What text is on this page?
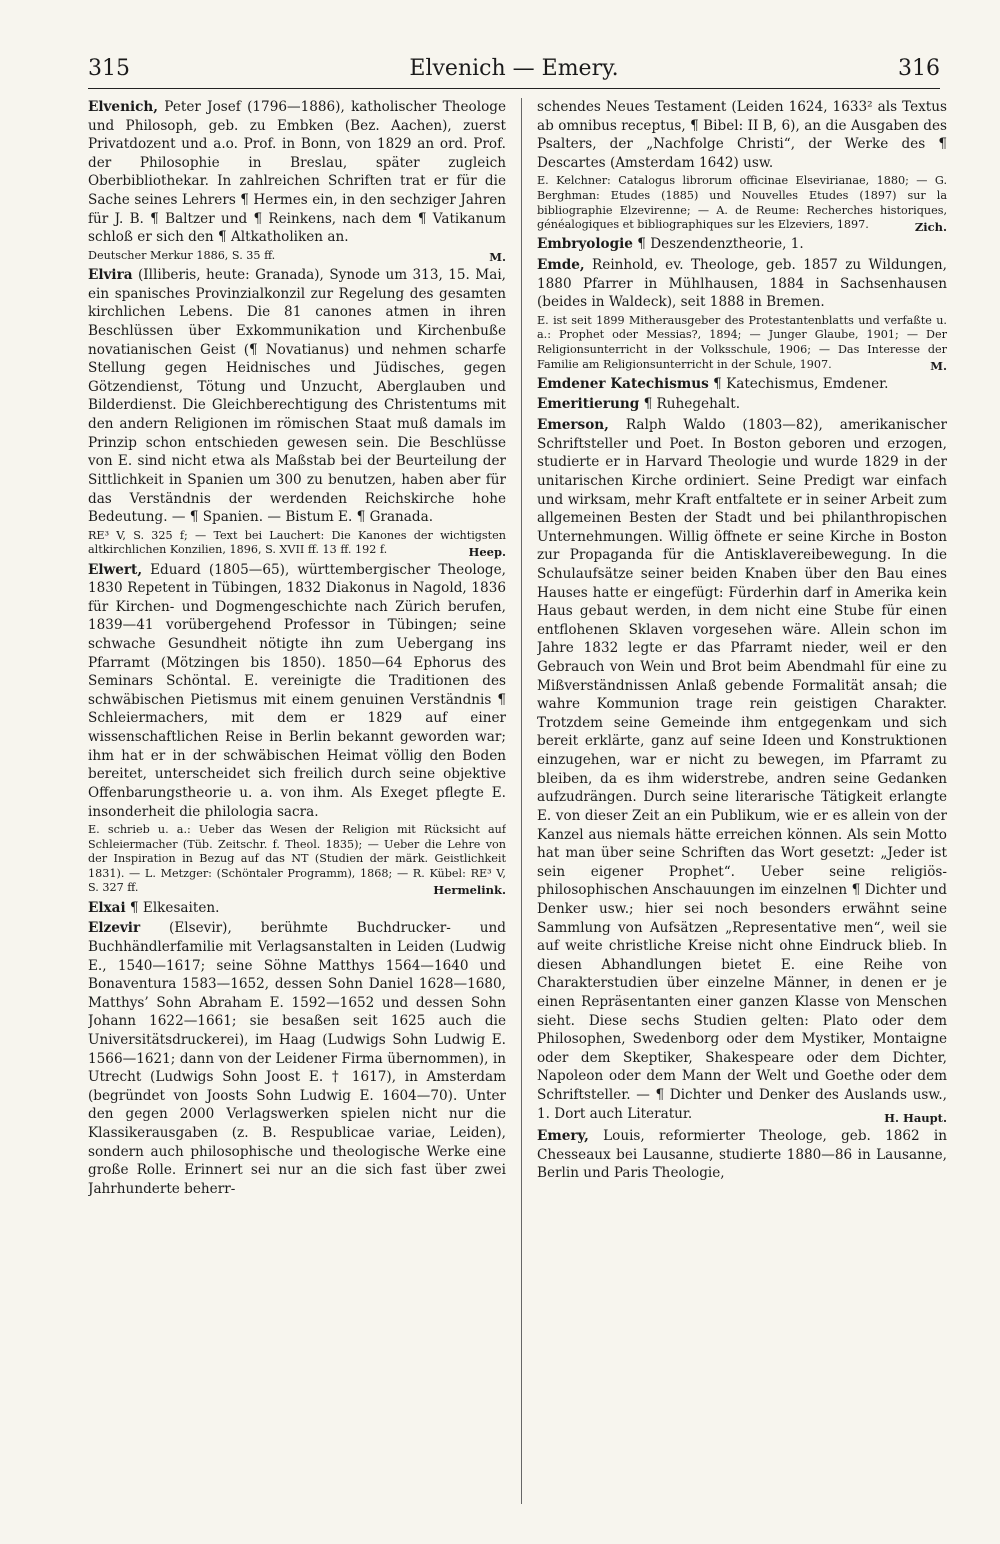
315	Elvenich — Emery.	316
Elvenich, Peter Josef (1796—1886), katholischer Theologe und Philosoph, geb. zu Embken (Bez. Aachen), zuerst Privatdozent und a.o. Prof. in Bonn, von 1829 an ord. Prof. der Philosophie in Breslau, später zugleich Oberbibliothekar. In zahlreichen Schriften trat er für die Sache seines Lehrers ¶ Hermes ein, in den sechziger Jahren für J. B. ¶ Baltzer und ¶ Reinkens, nach dem ¶ Vatikanum schloß er sich den ¶ Altkatholiken an.
Deutscher Merkur 1886, S. 35 ff.	M.
Elvira (Illiberis, heute: Granada), Synode um 313, 15. Mai, ein spanisches Provinzialkonzil zur Regelung des gesamten kirchlichen Lebens. Die 81 canones atmen in ihren Beschlüssen über Exkommunikation und Kirchenbuße novatianischen Geist (¶ Novatianus) und nehmen scharfe Stellung gegen Heidnisches und Jüdisches, gegen Götzendienst, Tötung und Unzucht, Aberglauben und Bilderdienst. Die Gleichberechtigung des Christentums mit den andern Religionen im römischen Staat muß damals im Prinzip schon entschieden gewesen sein. Die Beschlüsse von E. sind nicht etwa als Maßstab bei der Beurteilung der Sittlichkeit in Spanien um 300 zu benutzen, haben aber für das Verständnis der werdenden Reichskirche hohe Bedeutung. — ¶ Spanien. — Bistum E. ¶ Granada.
RE³ V, S. 325 f; — Text bei Lauchert: Die Kanones der wichtigsten altkirchlichen Konzilien, 1896, S. XVII ff. 13 ff. 192 f.	Heep.
Elwert, Eduard (1805—65), württembergischer Theologe, 1830 Repetent in Tübingen, 1832 Diakonus in Nagold, 1836 für Kirchen- und Dogmengeschichte nach Zürich berufen, 1839—41 vorübergehend Professor in Tübingen; seine schwache Gesundheit nötigte ihn zum Uebergang ins Pfarramt (Mötzingen bis 1850). 1850—64 Ephorus des Seminars Schöntal. E. vereinigte die Traditionen des schwäbischen Pietismus mit einem genuinen Verständnis ¶ Schleiermachers, mit dem er 1829 auf einer wissenschaftlichen Reise in Berlin bekannt geworden war; ihm hat er in der schwäbischen Heimat völlig den Boden bereitet, unterscheidet sich freilich durch seine objektive Offenbarungstheorie u. a. von ihm. Als Exeget pflegte E. insonderheit die philologia sacra.
E. schrieb u. a.: Ueber das Wesen der Religion mit Rücksicht auf Schleiermacher (Tüb. Zeitschr. f. Theol. 1835); — Ueber die Lehre von der Inspiration in Bezug auf das NT (Studien der märk. Geistlichkeit 1831). — L. Metzger: (Schöntaler Programm), 1868; — R. Kübel: RE³ V, S. 327 ff.	Hermelink.
Elxai ¶ Elkesaiten.
Elzevir (Elsevir), berühmte Buchdrucker- und Buchhändlerfamilie mit Verlagsanstalten in Leiden (Ludwig E., 1540—1617; seine Söhne Matthys 1564—1640 und Bonaventura 1583—1652, dessen Sohn Daniel 1628—1680, Matthys’ Sohn Abraham E. 1592—1652 und dessen Sohn Johann 1622—1661; sie besaßen seit 1625 auch die Universitätsdruckerei), im Haag (Ludwigs Sohn Ludwig E. 1566—1621; dann von der Leidener Firma übernommen), in Utrecht (Ludwigs Sohn Joost E. † 1617), in Amsterdam (begründet von Joosts Sohn Ludwig E. 1604—70). Unter den gegen 2000 Verlagswerken spielen nicht nur die Klassikerausgaben (z. B. Respublicae variae, Leiden), sondern auch philosophische und theologische Werke eine große Rolle. Erinnert sei nur an die sich fast über zwei Jahrhunderte beherr-
schendes Neues Testament (Leiden 1624, 1633² als Textus ab omnibus receptus, ¶ Bibel: II B, 6), an die Ausgaben des Psalters, der „Nachfolge Christi“, der Werke des ¶ Descartes (Amsterdam 1642) usw.
E. Kelchner: Catalogus librorum officinae Elsevirianae, 1880; — G. Berghman: Etudes (1885) und Nouvelles Etudes (1897) sur la bibliographie Elzevirenne; — A. de Reume: Recherches historiques, généalogiques et bibliographiques sur les Elzeviers, 1897.	Zich.
Embryologie ¶ Deszendenztheorie, 1.
Emde, Reinhold, ev. Theologe, geb. 1857 zu Wildungen, 1880 Pfarrer in Mühlhausen, 1884 in Sachsenhausen (beides in Waldeck), seit 1888 in Bremen.
E. ist seit 1899 Mitherausgeber des Protestantenblatts und verfaßte u. a.: Prophet oder Messias?, 1894; — Junger Glaube, 1901; — Der Religionsunterricht in der Volksschule, 1906; — Das Interesse der Familie am Religionsunterricht in der Schule, 1907.	M.
Emdener Katechismus ¶ Katechismus, Emdener.
Emeritierung ¶ Ruhegehalt.
Emerson, Ralph Waldo (1803—82), amerikanischer Schriftsteller und Poet. In Boston geboren und erzogen, studierte er in Harvard Theologie und wurde 1829 in der unitarischen Kirche ordiniert. Seine Predigt war einfach und wirksam, mehr Kraft entfaltete er in seiner Arbeit zum allgemeinen Besten der Stadt und bei philanthropischen Unternehmungen. Willig öffnete er seine Kirche in Boston zur Propaganda für die Antisklavereibewegung. In die Schulaufsätze seiner beiden Knaben über den Bau eines Hauses hatte er eingefügt: Fürderhin darf in Amerika kein Haus gebaut werden, in dem nicht eine Stube für einen entflohenen Sklaven vorgesehen wäre. Allein schon im Jahre 1832 legte er das Pfarramt nieder, weil er den Gebrauch von Wein und Brot beim Abendmahl für eine zu Mißverständnissen Anlaß gebende Formalität ansah; die wahre Kommunion trage rein geistigen Charakter. Trotzdem seine Gemeinde ihm entgegenkam und sich bereit erklärte, ganz auf seine Ideen und Konstruktionen einzugehen, war er nicht zu bewegen, im Pfarramt zu bleiben, da es ihm widerstrebe, andren seine Gedanken aufzudrängen. Durch seine literarische Tätigkeit erlangte E. von dieser Zeit an ein Publikum, wie er es allein von der Kanzel aus niemals hätte erreichen können. Als sein Motto hat man über seine Schriften das Wort gesetzt: „Jeder ist sein eigener Prophet“. Ueber seine religiös-philosophischen Anschauungen im einzelnen ¶ Dichter und Denker usw.; hier sei noch besonders erwähnt seine Sammlung von Aufsätzen „Representative men“, weil sie auf weite christliche Kreise nicht ohne Eindruck blieb. In diesen Abhandlungen bietet E. eine Reihe von Charakterstudien über einzelne Männer, in denen er je einen Repräsentanten einer ganzen Klasse von Menschen sieht. Diese sechs Studien gelten: Plato oder dem Philosophen, Swedenborg oder dem Mystiker, Montaigne oder dem Skeptiker, Shakespeare oder dem Dichter, Napoleon oder dem Mann der Welt und Goethe oder dem Schriftsteller. — ¶ Dichter und Denker des Auslands usw., 1. Dort auch Literatur.	H. Haupt.
Emery, Louis, reformierter Theologe, geb. 1862 in Chesseaux bei Lausanne, studierte 1880—86 in Lausanne, Berlin und Paris Theologie,
